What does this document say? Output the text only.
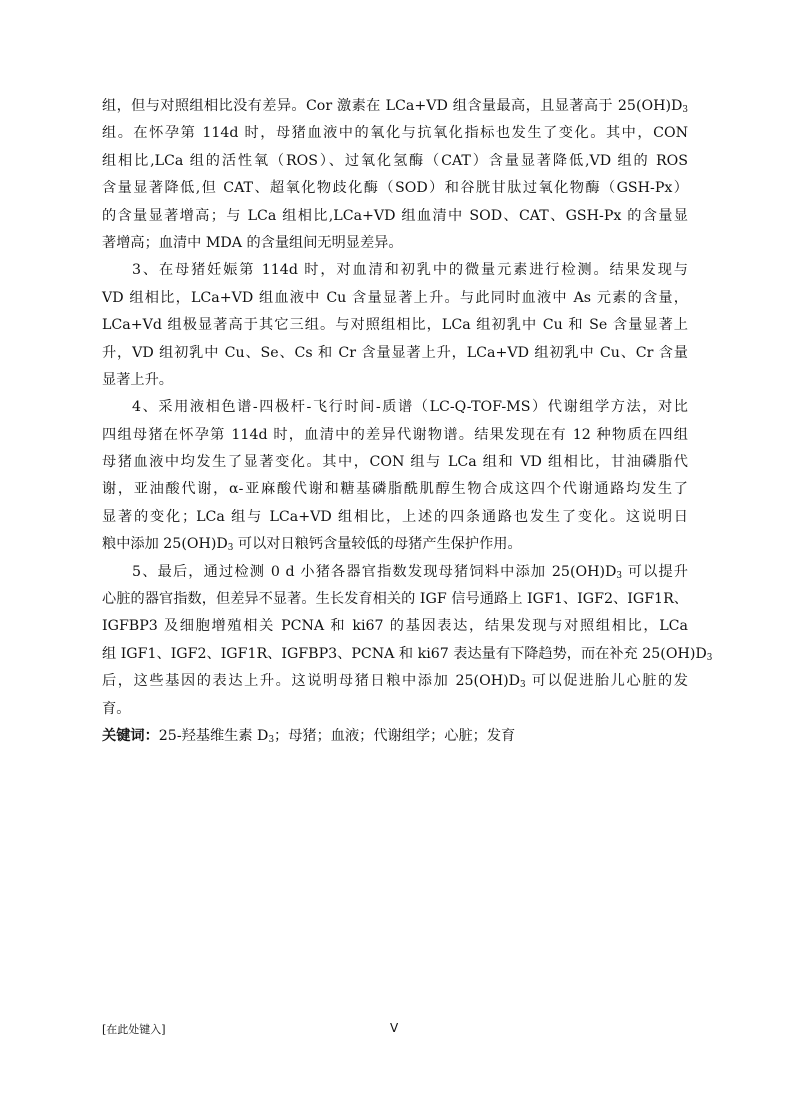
组，但与对照组相比没有差异。Cor 激素在 LCa+VD 组含量最高，且显著高于 $25(OH)D_3$
组。在怀孕第 114d 时，母猪血液中的氧化与抗氧化指标也发生了变化。其中，CON
组相比,LCa 组的活性氧（ROS）、过氧化氢酶（CAT）含量显著降低,VD 组的 ROS
含量显著降低,但 CAT、超氧化物歧化酶（SOD）和谷胱甘肽过氧化物酶（GSH-Px）
的含量显著增高；与 LCa 组相比,LCa+VD 组血清中 SOD、CAT、GSH-Px 的含量显
著增高；血清中 MDA 的含量组间无明显差异。
3、在母猪妊娠第 114d 时，对血清和初乳中的微量元素进行检测。结果发现与
VD 组相比，LCa+VD 组血液中 Cu 含量显著上升。与此同时血液中 As 元素的含量，
LCa+Vd 组极显著高于其它三组。与对照组相比，LCa 组初乳中 Cu 和 Se 含量显著上
升，VD 组初乳中 Cu、Se、Cs 和 Cr 含量显著上升，LCa+VD 组初乳中 Cu、Cr 含量
显著上升。
4、采用液相色谱-四极杆-飞行时间-质谱（LC-Q-TOF-MS）代谢组学方法，对比
四组母猪在怀孕第 114d 时，血清中的差异代谢物谱。结果发现在有 12 种物质在四组
母猪血液中均发生了显著变化。其中，CON 组与 LCa 组和 VD 组相比，甘油磷脂代
谢，亚油酸代谢，α-亚麻酸代谢和糖基磷脂酰肌醇生物合成这四个代谢通路均发生了
显著的变化；LCa 组与 LCa+VD 组相比，上述的四条通路也发生了变化。这说明日
粮中添加 $25(OH)D_3$ 可以对日粮钙含量较低的母猪产生保护作用。
5、最后，通过检测 0 d 小猪各器官指数发现母猪饲料中添加 $25(OH)D_3$ 可以提升
心脏的器官指数，但差异不显著。生长发育相关的 IGF 信号通路上 IGF1、IGF2、IGF1R、
IGFBP3 及细胞增殖相关 PCNA 和 ki67 的基因表达，结果发现与对照组相比，LCa
组 IGF1、IGF2、IGF1R、IGFBP3、PCNA 和 ki67 表达量有下降趋势，而在补充 $25(OH)D_3$
后，这些基因的表达上升。这说明母猪日粮中添加 $25(OH)D_3$ 可以促进胎儿心脏的发
育。
关键词：25-羟基维生素 $D_3$；母猪；血液；代谢组学；心脏；发育
[在此处键入]	V
